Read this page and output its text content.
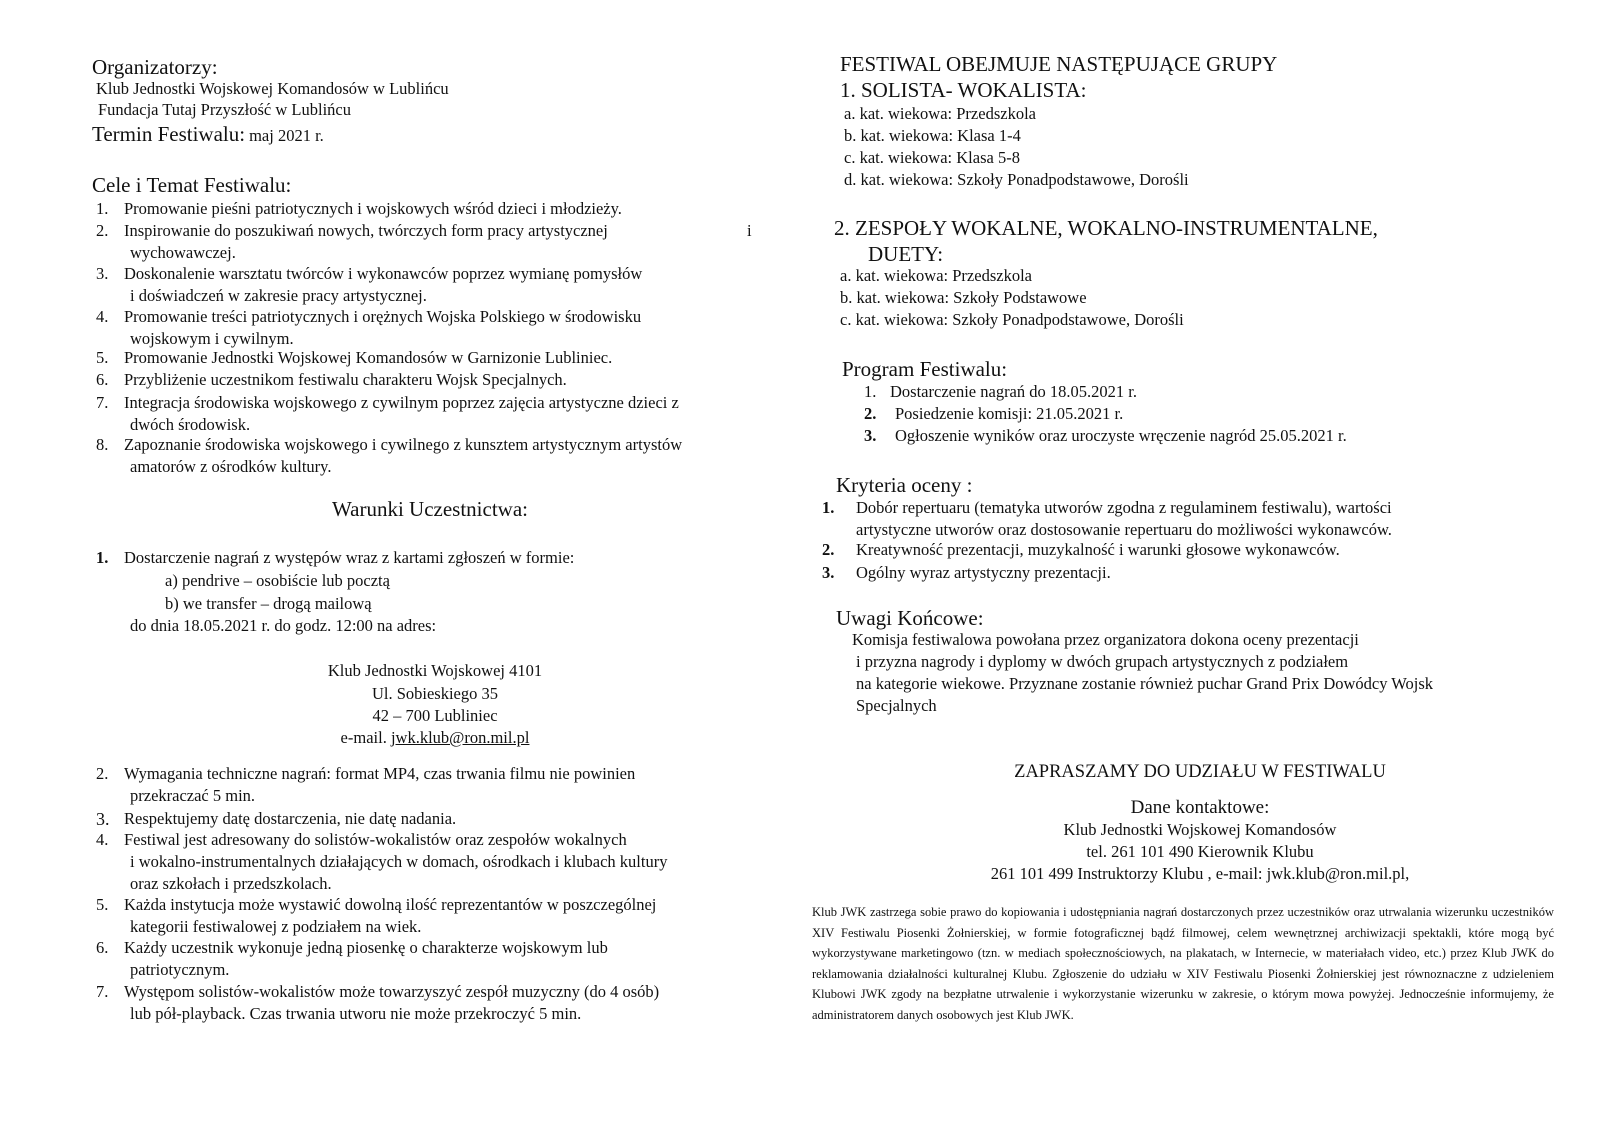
Organizatorzy:
Klub Jednostki Wojskowej Komandosów w Lublińcu
Fundacja Tutaj Przyszłość w Lublińcu
Termin Festiwalu: maj 2021 r.
Cele i Temat Festiwalu:
1. Promowanie pieśni patriotycznych i wojskowych wśród dzieci i młodzieży.
2. Inspirowanie do poszukiwań nowych, twórczych form pracy artystycznej
wychowawczej.
i
3. Doskonalenie warsztatu twórców i wykonawców poprzez wymianę pomysłów
i doświadczeń w zakresie pracy artystycznej.
4. Promowanie treści patriotycznych i orężnych Wojska Polskiego w środowisku
wojskowym i cywilnym.
5. Promowanie Jednostki Wojskowej Komandosów w Garnizonie Lubliniec.
6. Przybliżenie uczestnikom festiwalu charakteru Wojsk Specjalnych.
7. Integracja środowiska wojskowego z cywilnym poprzez zajęcia artystyczne dzieci z
dwóch środowisk.
8. Zapoznanie środowiska wojskowego i cywilnego z kunsztem artystycznym artystów
amatorów z ośrodków kultury.
Warunki Uczestnictwa:
1. Dostarczenie nagrań z występów wraz z kartami zgłoszeń w formie:
a) pendrive – osobiście lub pocztą
b) we transfer – drogą mailową
do dnia 18.05.2021 r. do godz. 12:00 na adres:
Klub Jednostki Wojskowej 4101
Ul. Sobieskiego 35
42 – 700 Lubliniec
e-mail. jwk.klub@ron.mil.pl
2. Wymagania techniczne nagrań: format MP4, czas trwania filmu nie powinien
przekraczać 5 min.
3. Respektujemy datę dostarczenia, nie datę nadania.
4. Festiwal jest adresowany do solistów-wokalistów oraz zespołów wokalnych
i wokalno-instrumentalnych działających w domach, ośrodkach i klubach kultury
oraz szkołach i przedszkolach.
5. Każda instytucja może wystawić dowolną ilość reprezentantów w poszczególnej
kategorii festiwalowej z podziałem na wiek.
6. Każdy uczestnik wykonuje jedną piosenkę o charakterze wojskowym lub
patriotycznym.
7. Występom solistów-wokalistów może towarzyszyć zespół muzyczny (do 4 osób)
lub pół-playback. Czas trwania utworu nie może przekroczyć 5 min.
FESTIWAL OBEJMUJE NASTĘPUJĄCE GRUPY
1. SOLISTA- WOKALISTA:
a. kat. wiekowa: Przedszkola
b. kat. wiekowa: Klasa 1-4
c. kat. wiekowa: Klasa 5-8
d. kat. wiekowa: Szkoły Ponadpodstawowe, Dorośli
2. ZESPOŁY WOKALNE, WOKALNO-INSTRUMENTALNE,
DUETY:
a. kat. wiekowa: Przedszkola
b. kat. wiekowa: Szkoły Podstawowe
c. kat. wiekowa: Szkoły Ponadpodstawowe, Dorośli
Program Festiwalu:
1. Dostarczenie nagrań do 18.05.2021 r.
2. Posiedzenie komisji: 21.05.2021 r.
3. Ogłoszenie wyników oraz uroczyste wręczenie nagród 25.05.2021 r.
Kryteria oceny :
1. Dobór repertuaru (tematyka utworów zgodna z regulaminem festiwalu), wartości
artystyczne utworów oraz dostosowanie repertuaru do możliwości wykonawców.
2. Kreatywność prezentacji, muzykalność i warunki głosowe wykonawców.
3. Ogólny wyraz artystyczny prezentacji.
Uwagi Końcowe:
Komisja festiwalowa powołana przez organizatora dokona oceny prezentacji
i przyzna nagrody i dyplomy w dwóch grupach artystycznych z podziałem
na kategorie wiekowe. Przyznane zostanie również puchar Grand Prix Dowódcy Wojsk
Specjalnych
ZAPRASZAMY DO UDZIAŁU W FESTIWALU
Dane kontaktowe:
Klub Jednostki Wojskowej Komandosów
tel. 261 101 490 Kierownik Klubu
261 101 499 Instruktorzy Klubu , e-mail: jwk.klub@ron.mil.pl,
Klub JWK zastrzega sobie prawo do kopiowania i udostępniania nagrań dostarczonych przez uczestników oraz utrwalania wizerunku uczestników XIV Festiwalu Piosenki Żołnierskiej, w formie fotograficznej bądź filmowej, celem wewnętrznej archiwizacji spektakli, które mogą być wykorzystywane marketingowo (tzn. w mediach społecznościowych, na plakatach, w Internecie, w materiałach video, etc.) przez Klub JWK do reklamowania działalności kulturalnej Klubu. Zgłoszenie do udziału w XIV Festiwalu Piosenki Żołnierskiej jest równoznaczne z udzieleniem Klubowi JWK zgody na bezpłatne utrwalenie i wykorzystanie wizerunku w zakresie, o którym mowa powyżej. Jednocześnie informujemy, że administratorem danych osobowych jest Klub JWK.
